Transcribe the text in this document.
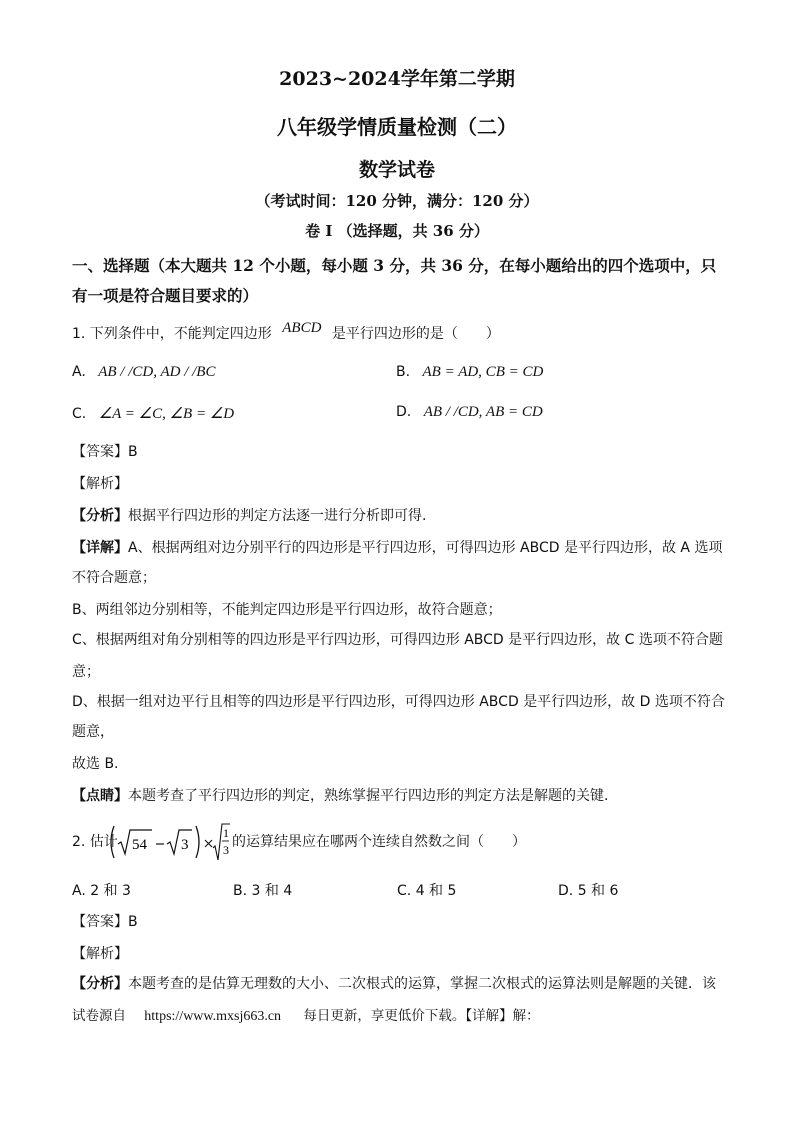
2023~2024学年第二学期
八年级学情质量检测（二）
数学试卷
（考试时间：120 分钟，满分：120 分）
卷 I （选择题，共 36 分）
一、选择题（本大题共 12 个小题，每小题 3 分，共 36 分，在每小题给出的四个选项中，只
有一项是符合题目要求的）
1. 下列条件中，不能判定四边形 ABCD 是平行四边形的是（　　）
A. AB / /CD, AD / /BC	B. AB = AD, CB = CD
C. ∠A = ∠C, ∠B = ∠D	D. AB / /CD, AB = CD
【答案】B
【解析】
【分析】根据平行四边形的判定方法逐一进行分析即可得.
【详解】A、根据两组对边分别平行的四边形是平行四边形，可得四边形 ABCD 是平行四边形，故 A 选项
不符合题意；
B、两组邻边分别相等，不能判定四边形是平行四边形，故符合题意；
C、根据两组对角分别相等的四边形是平行四边形，可得四边形 ABCD 是平行四边形，故 C 选项不符合题
意；
D、根据一组对边平行且相等的四边形是平行四边形，可得四边形 ABCD 是平行四边形，故 D 选项不符合
题意，
故选 B.
【点睛】本题考查了平行四边形的判定，熟练掌握平行四边形的判定方法是解题的关键.
2. 估计 54 3
1
3 的运算结果应在哪两个连续自然数之间（　　）
A. 2 和 3	B. 3 和 4	C. 4 和 5	D. 5 和 6
【答案】B
【解析】
【分析】本题考查的是估算无理数的大小、二次根式的运算，掌握二次根式的运算法则是解题的关键．该
试卷源自 https://www.mxsj663.cn 每日更新，享更低价下载。【详解】解：
